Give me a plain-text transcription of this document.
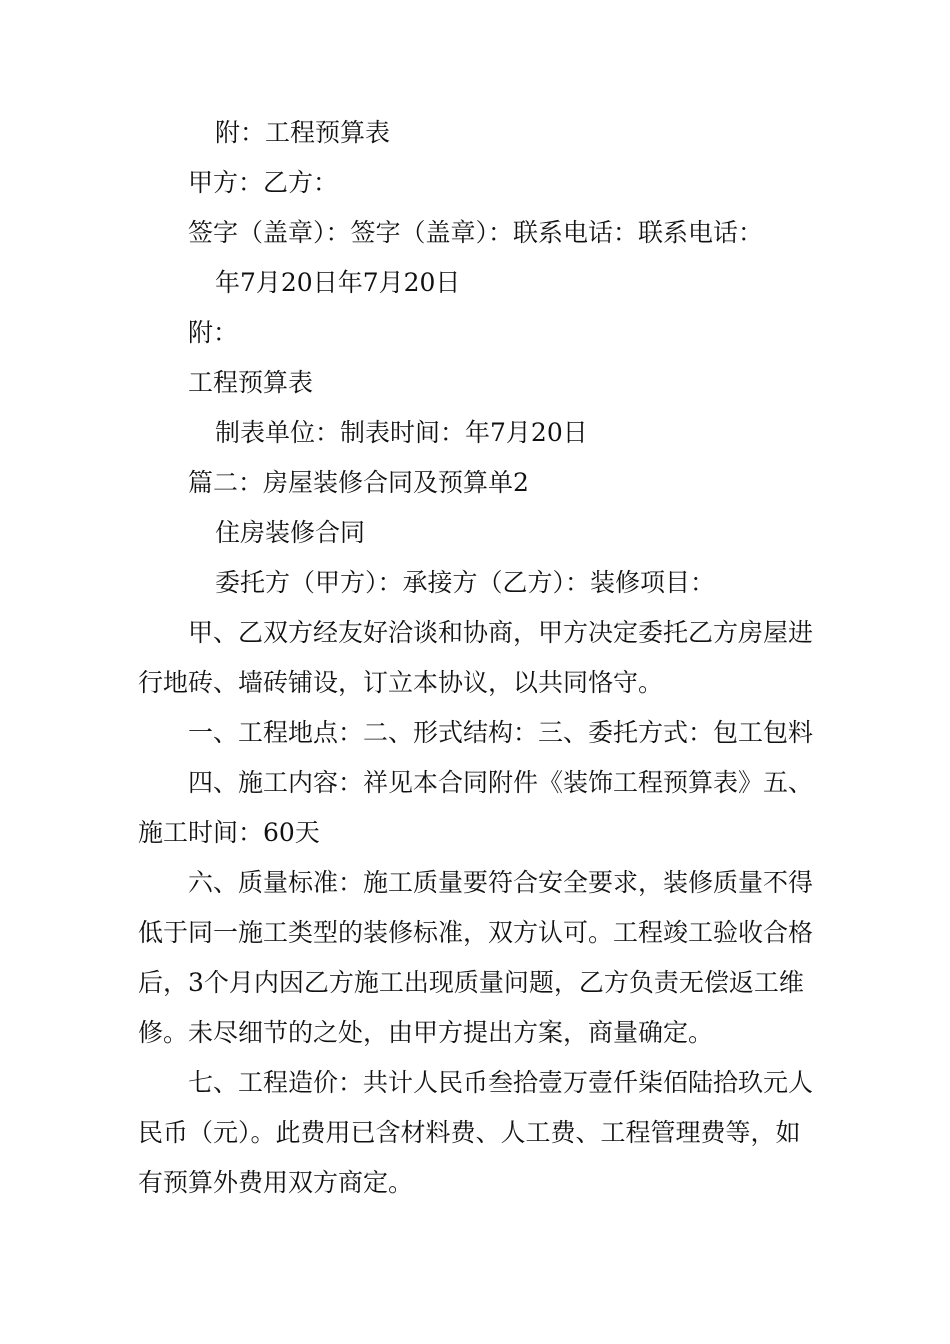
附：工程预算表
甲方：乙方：
签字（盖章）：签字（盖章）：联系电话：联系电话：
年7月20日年7月20日
附：
工程预算表
制表单位：制表时间：年7月20日
篇二：房屋装修合同及预算单2
住房装修合同
委托方（甲方）：承接方（乙方）：装修项目：
甲、乙双方经友好洽谈和协商，甲方决定委托乙方房屋进
行地砖、墙砖铺设，订立本协议，以共同恪守。
一、工程地点：二、形式结构：三、委托方式：包工包料
四、施工内容：祥见本合同附件《装饰工程预算表》五、
施工时间：60天
六、质量标准：施工质量要符合安全要求，装修质量不得
低于同一施工类型的装修标准，双方认可。工程竣工验收合格
后，3个月内因乙方施工出现质量问题，乙方负责无偿返工维
修。未尽细节的之处，由甲方提出方案，商量确定。
七、工程造价：共计人民币叁拾壹万壹仟柒佰陆拾玖元人
民币（元）。此费用已含材料费、人工费、工程管理费等，如
有预算外费用双方商定。
